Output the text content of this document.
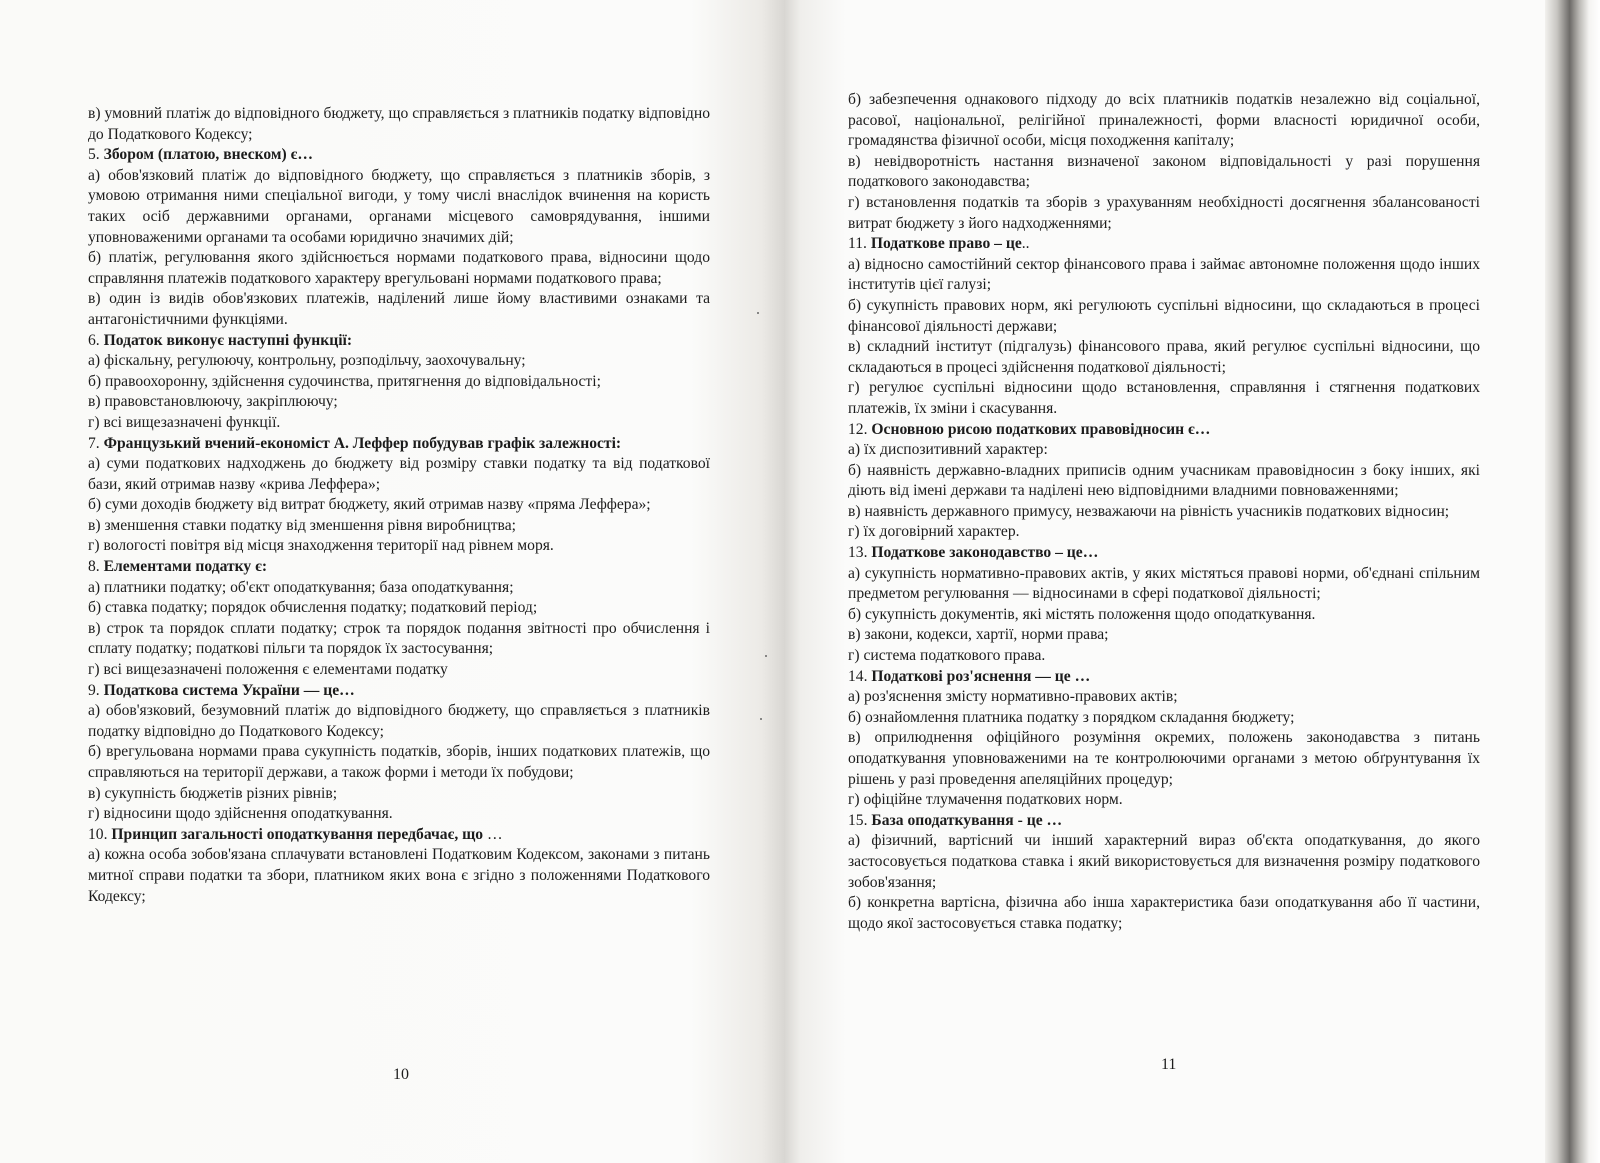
в) умовний платіж до відповідного бюджету, що справляється з платників податку відповідно до Податкового Кодексу;

5. Збором (платою, внеском) є…

а) обов'язковий платіж до відповідного бюджету, що справляється з платників зборів, з умовою отримання ними спеціальної вигоди, у тому числі внаслідок вчинення на користь таких осіб державними органами, органами місцевого самоврядування, іншими уповноваженими органами та особами юридично значимих дій;

б) платіж, регулювання якого здійснюється нормами податкового права, відносини щодо справляння платежів податкового характеру врегульовані нормами податкового права;

в) один із видів обов'язкових платежів, наділений лише йому властивими ознаками та антагоністичними функціями.

6. Податок виконує наступні функції:

а) фіскальну, регулюючу, контрольну, розподільчу, заохочувальну;

б) правоохоронну, здійснення судочинства, притягнення до відповідальності;

в) правовстановлюючу, закріплюючу;

г) всі вищезазначені функції.

7. Французький вчений-економіст А. Леффер побудував графік залежності:

а) суми податкових надходжень до бюджету від розміру ставки податку та від податкової бази, який отримав назву «крива Леффера»;

б) суми доходів бюджету від витрат бюджету, який отримав назву «пряма Леффера»;

в) зменшення ставки податку від зменшення рівня виробництва;

г) вологості повітря від місця знаходження території над рівнем моря.

8. Елементами податку є:

а) платники податку; об'єкт оподаткування; база оподаткування;

б) ставка податку; порядок обчислення податку; податковий період;

в) строк та порядок сплати податку; строк та порядок подання звітності про обчислення і сплату податку; податкові пільги та порядок їх застосування;

г) всі вищезазначені положення є елементами податку

9. Податкова система України — це…

а) обов'язковий, безумовний платіж до відповідного бюджету, що справляється з платників податку відповідно до Податкового Кодексу;

б) врегульована нормами права сукупність податків, зборів, інших податкових платежів, що справляються на території держави, а також форми і методи їх побудови;

в) сукупність бюджетів різних рівнів;

г) відносини щодо здійснення оподаткування.

10. Принцип загальності оподаткування передбачає, що …

а) кожна особа зобов'язана сплачувати встановлені Податковим Кодексом, законами з питань митної справи податки та збори, платником яких вона є згідно з положеннями Податкового Кодексу;

10
11

б) забезпечення однакового підходу до всіх платників податків незалежно від соціальної, расової, національної, релігійної приналежності, форми власності юридичної особи, громадянства фізичної особи, місця походження капіталу;

в) невідворотність настання визначеної законом відповідальності у разі порушення податкового законодавства;

г) встановлення податків та зборів з урахуванням необхідності досягнення збалансованості витрат бюджету з його надходженнями;

11. Податкове право – це..

а) відносно самостійний сектор фінансового права і займає автономне положення щодо інших інститутів цієї галузі;

б) сукупність правових норм, які регулюють суспільні відносини, що складаються в процесі фінансової діяльності держави;

в) складний інститут (підгалузь) фінансового права, який регулює суспільні відносини, що складаються в процесі здійснення податкової діяльності;

г) регулює суспільні відносини щодо встановлення, справляння і стягнення податкових платежів, їх зміни і скасування.

12. Основною рисою податкових правовідносин є…

а) їх диспозитивний характер:

б) наявність державно-владних приписів одним учасникам правовідносин з боку інших, які діють від імені держави та наділені нею відповідними владними повноваженнями;

в) наявність державного примусу, незважаючи на рівність учасників податкових відносин;

г) їх договірний характер.

13. Податкове законодавство – це…

а) сукупність нормативно-правових актів, у яких містяться правові норми, об'єднані спільним предметом регулювання — відносинами в сфері податкової діяльності;

б) сукупність документів, які містять положення щодо оподаткування.

в) закони, кодекси, хартії, норми права;

г) система податкового права.

14. Податкові роз'яснення — це …

а) роз'яснення змісту нормативно-правових актів;

б) ознайомлення платника податку з порядком складання бюджету;

в) оприлюднення офіційного розуміння окремих, положень законодавства з питань оподаткування уповноваженими на те контролюючими органами з метою обґрунтування їх рішень у разі проведення апеляційних процедур;

г) офіційне тлумачення податкових норм.

15. База оподаткування - це …

а) фізичний, вартісний чи інший характерний вираз об'єкта оподаткування, до якого застосовується податкова ставка і який використовується для визначення розміру податкового зобов'язання;

б) конкретна вартісна, фізична або інша характеристика бази оподаткування або її частини, щодо якої застосовується ставка податку;
